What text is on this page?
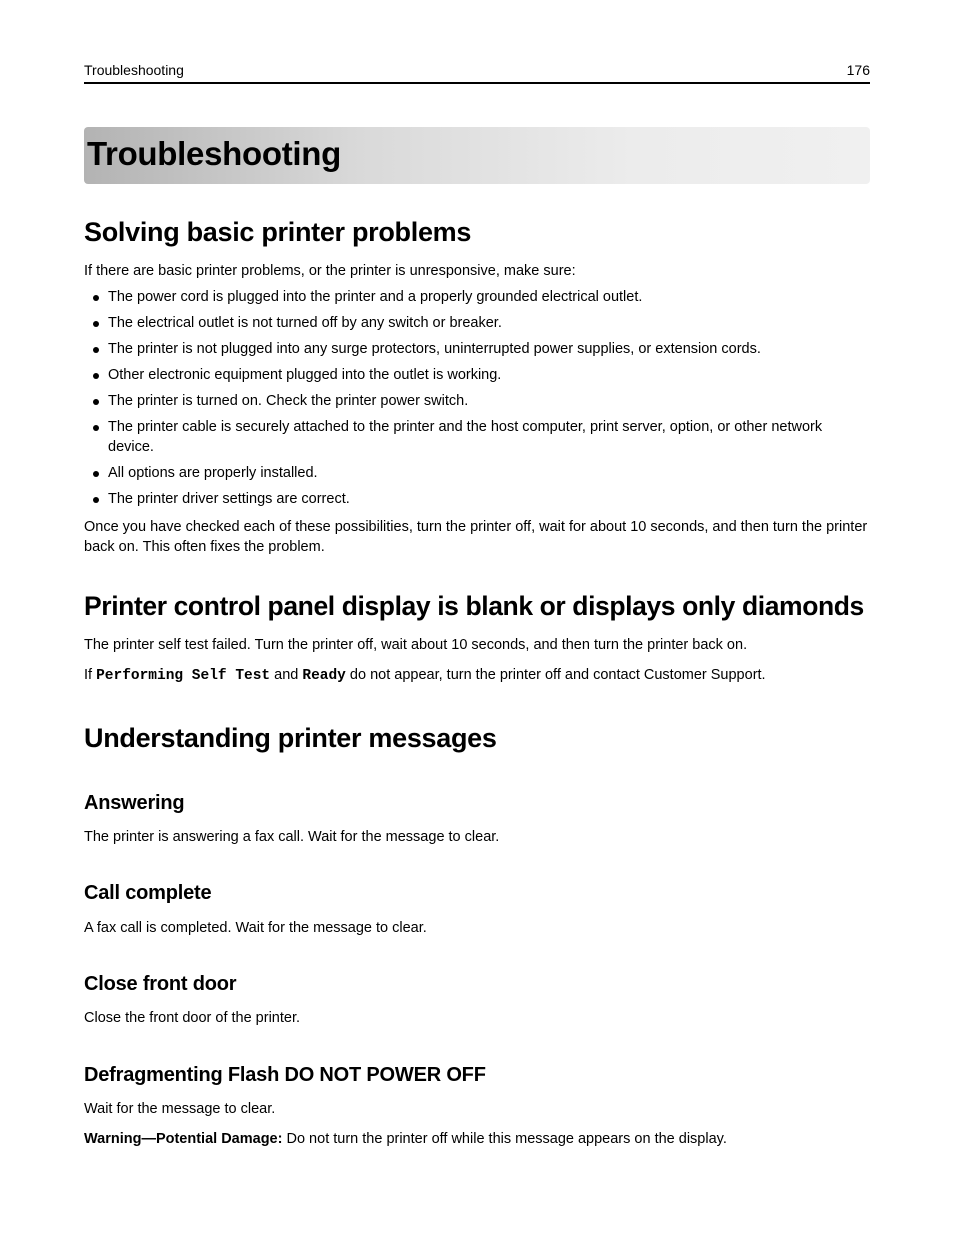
Troubleshooting	176
Troubleshooting
Solving basic printer problems

If there are basic printer problems, or the printer is unresponsive, make sure:

The power cord is plugged into the printer and a properly grounded electrical outlet.
The electrical outlet is not turned off by any switch or breaker.
The printer is not plugged into any surge protectors, uninterrupted power supplies, or extension cords.
Other electronic equipment plugged into the outlet is working.
The printer is turned on. Check the printer power switch.
The printer cable is securely attached to the printer and the host computer, print server, option, or other network device.
All options are properly installed.
The printer driver settings are correct.

Once you have checked each of these possibilities, turn the printer off, wait for about 10 seconds, and then turn the printer back on. This often fixes the problem.

Printer control panel display is blank or displays only diamonds

The printer self test failed. Turn the printer off, wait about 10 seconds, and then turn the printer back on.

If Performing Self Test and Ready do not appear, turn the printer off and contact Customer Support.

Understanding printer messages
Answering

The printer is answering a fax call. Wait for the message to clear.

Call complete

A fax call is completed. Wait for the message to clear.

Close front door

Close the front door of the printer.

Defragmenting Flash DO NOT POWER OFF

Wait for the message to clear.

Warning—Potential Damage: Do not turn the printer off while this message appears on the display.
